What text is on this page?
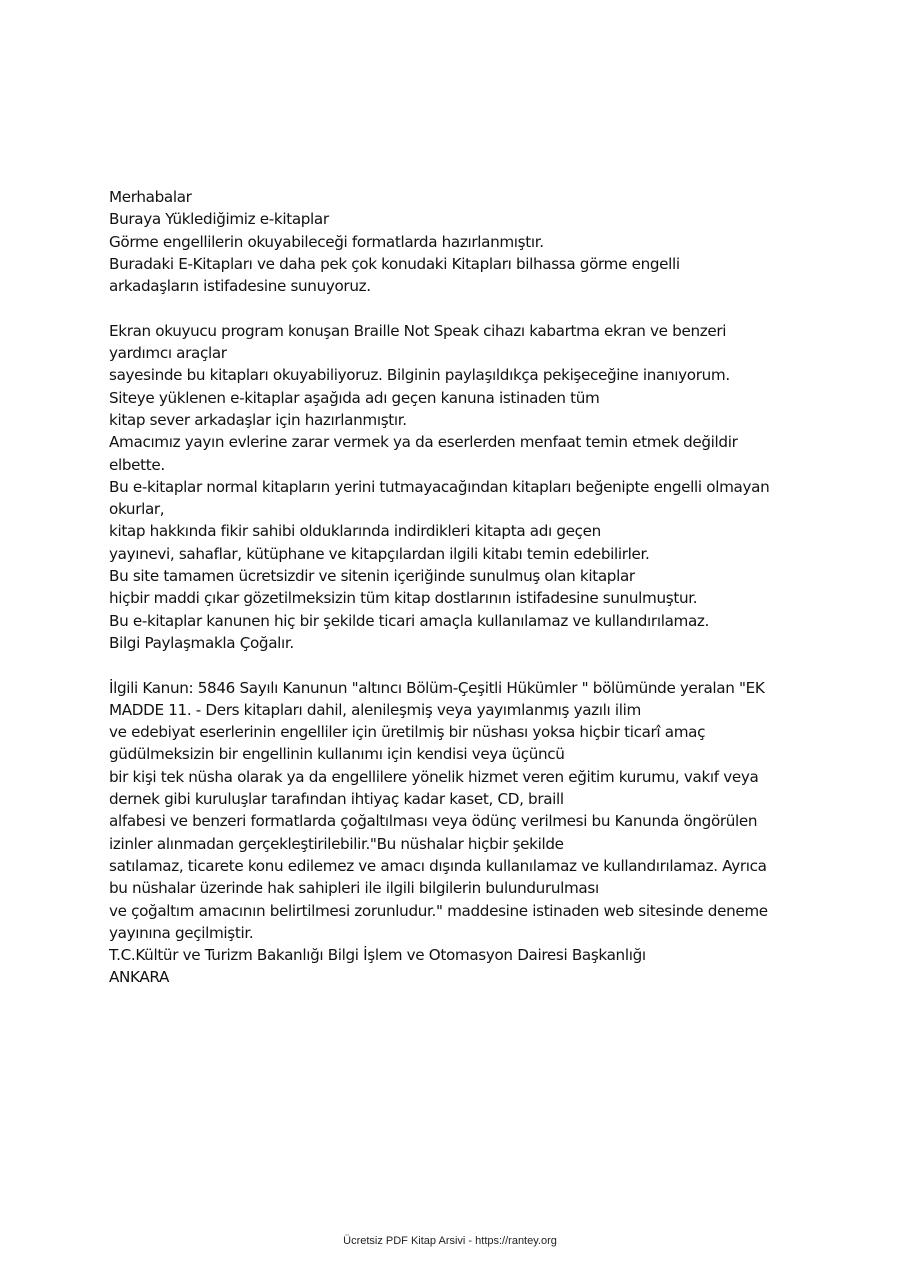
Merhabalar
Buraya Yüklediğimiz e-kitaplar
Görme engellilerin okuyabileceği formatlarda hazırlanmıştır.
Buradaki E-Kitapları ve daha pek çok konudaki Kitapları bilhassa görme engelli
arkadaşların istifadesine sunuyoruz.
Ekran okuyucu program konuşan Braille Not Speak cihazı kabartma ekran ve benzeri
yardımcı araçlar
sayesinde bu kitapları okuyabiliyoruz. Bilginin paylaşıldıkça pekişeceğine inanıyorum.
Siteye yüklenen e-kitaplar aşağıda adı geçen kanuna istinaden tüm
kitap sever arkadaşlar için hazırlanmıştır.
Amacımız yayın evlerine zarar vermek ya da eserlerden menfaat temin etmek değildir
elbette.
Bu e-kitaplar normal kitapların yerini tutmayacağından kitapları beğenipte engelli olmayan
okurlar,
kitap hakkında fikir sahibi olduklarında indirdikleri kitapta adı geçen
yayınevi, sahaflar, kütüphane ve kitapçılardan ilgili kitabı temin edebilirler.
Bu site tamamen ücretsizdir ve sitenin içeriğinde sunulmuş olan kitaplar
hiçbir maddi çıkar gözetilmeksizin tüm kitap dostlarının istifadesine sunulmuştur.
Bu e-kitaplar kanunen hiç bir şekilde ticari amaçla kullanılamaz ve kullandırılamaz.
Bilgi Paylaşmakla Çoğalır.
İlgili Kanun: 5846 Sayılı Kanunun "altıncı Bölüm-Çeşitli Hükümler " bölümünde yeralan "EK
MADDE 11. - Ders kitapları dahil, alenileşmiş veya yayımlanmış yazılı ilim
ve edebiyat eserlerinin engelliler için üretilmiş bir nüshası yoksa hiçbir ticarî amaç
güdülmeksizin bir engellinin kullanımı için kendisi veya üçüncü
bir kişi tek nüsha olarak ya da engellilere yönelik hizmet veren eğitim kurumu, vakıf veya
dernek gibi kuruluşlar tarafından ihtiyaç kadar kaset, CD, braill
alfabesi ve benzeri formatlarda çoğaltılması veya ödünç verilmesi bu Kanunda öngörülen
izinler alınmadan gerçekleştirilebilir."Bu nüshalar hiçbir şekilde
satılamaz, ticarete konu edilemez ve amacı dışında kullanılamaz ve kullandırılamaz. Ayrıca
bu nüshalar üzerinde hak sahipleri ile ilgili bilgilerin bulundurulması
ve çoğaltım amacının belirtilmesi zorunludur." maddesine istinaden web sitesinde deneme
yayınına geçilmiştir.
T.C.Kültür ve Turizm Bakanlığı Bilgi İşlem ve Otomasyon Dairesi Başkanlığı
ANKARA
Ücretsiz PDF Kitap Arsivi - https://rantey.org
